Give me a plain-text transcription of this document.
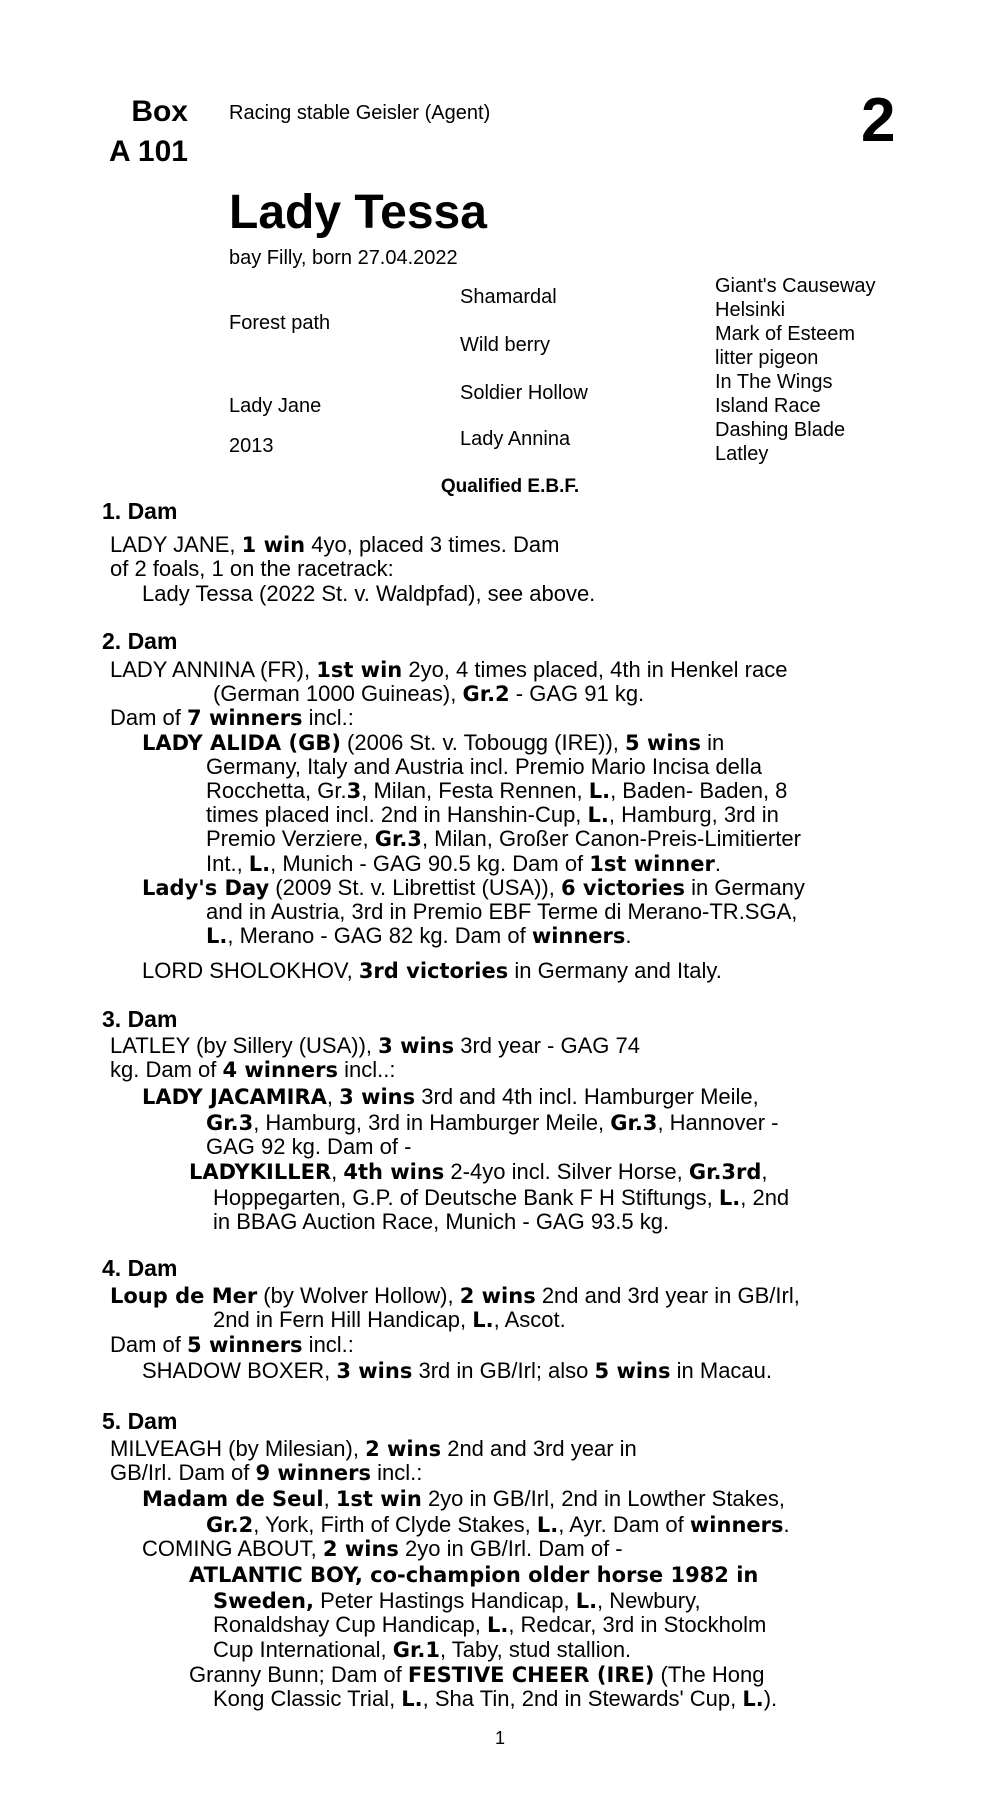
Box
A 101
Racing stable Geisler (Agent)	2
Lady Tessa
bay Filly, born 27.04.2022
Forest path
Lady Jane
2013
Shamardal
Wild berry
Soldier Hollow
Lady Annina
Giant's Causeway
Helsinki
Mark of Esteem
litter pigeon
In The Wings
Island Race
Dashing Blade
Latley
Qualified E.B.F.
1. Dam
LADY JANE, 1 win 4yo, placed 3 times. Dam
of 2 foals, 1 on the racetrack:
Lady Tessa (2022 St. v. Waldpfad), see above.
2. Dam
LADY ANNINA (FR), 1st win 2yo, 4 times placed, 4th in Henkel race
(German 1000 Guineas), Gr.2 - GAG 91 kg.
Dam of 7 winners incl.:
LADY ALIDA (GB) (2006 St. v. Tobougg (IRE)), 5 wins in
Germany, Italy and Austria incl. Premio Mario Incisa della
Rocchetta, Gr.3, Milan, Festa Rennen, L., Baden- Baden, 8
times placed incl. 2nd in Hanshin-Cup, L., Hamburg, 3rd in
Premio Verziere, Gr.3, Milan, Großer Canon-Preis-Limitierter
Int., L., Munich - GAG 90.5 kg. Dam of 1st winner.
Lady's Day (2009 St. v. Librettist (USA)), 6 victories in Germany
and in Austria, 3rd in Premio EBF Terme di Merano-TR.SGA,
L., Merano - GAG 82 kg. Dam of winners.
LORD SHOLOKHOV, 3rd victories in Germany and Italy.
3. Dam
LATLEY (by Sillery (USA)), 3 wins 3rd year - GAG 74
kg. Dam of 4 winners incl..:
LADY JACAMIRA, 3 wins 3rd and 4th incl. Hamburger Meile,
Gr.3, Hamburg, 3rd in Hamburger Meile, Gr.3, Hannover -
GAG 92 kg. Dam of -
LADYKILLER, 4th wins 2-4yo incl. Silver Horse, Gr.3rd,
Hoppegarten, G.P. of Deutsche Bank F H Stiftungs, L., 2nd
in BBAG Auction Race, Munich - GAG 93.5 kg.
4. Dam
Loup de Mer (by Wolver Hollow), 2 wins 2nd and 3rd year in GB/Irl,
2nd in Fern Hill Handicap, L., Ascot.
Dam of 5 winners incl.:
SHADOW BOXER, 3 wins 3rd in GB/Irl; also 5 wins in Macau.
5. Dam
MILVEAGH (by Milesian), 2 wins 2nd and 3rd year in
GB/Irl. Dam of 9 winners incl.:
Madam de Seul, 1st win 2yo in GB/Irl, 2nd in Lowther Stakes,
Gr.2, York, Firth of Clyde Stakes, L., Ayr. Dam of winners.
COMING ABOUT, 2 wins 2yo in GB/Irl. Dam of -
ATLANTIC BOY, co-champion older horse 1982 in
Sweden, Peter Hastings Handicap, L., Newbury,
Ronaldshay Cup Handicap, L., Redcar, 3rd in Stockholm
Cup International, Gr.1, Taby, stud stallion.
Granny Bunn; Dam of FESTIVE CHEER (IRE) (The Hong
Kong Classic Trial, L., Sha Tin, 2nd in Stewards' Cup, L.).
1
